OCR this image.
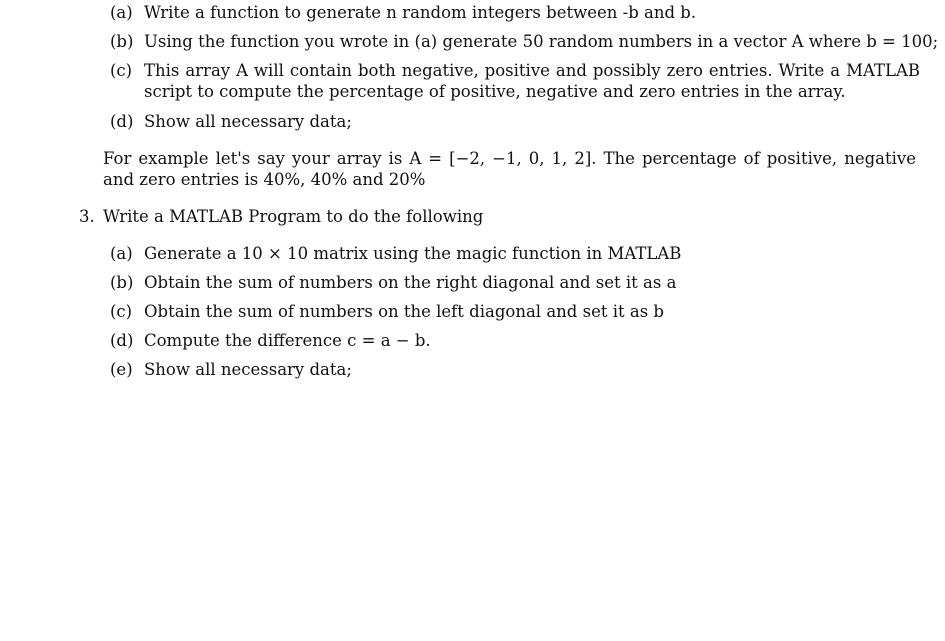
(a) Write a function to generate n random integers between -b and b.
(b) Using the function you wrote in (a) generate 50 random numbers in a vector A where b = 100;
(c) This array A will contain both negative, positive and possibly zero entries. Write a MATLAB script to compute the percentage of positive, negative and zero entries in the array.
(d) Show all necessary data;
For example let's say your array is A = [−2, −1, 0, 1, 2]. The percentage of positive, negative and zero entries is 40%, 40% and 20%
3. Write a MATLAB Program to do the following
(a) Generate a 10 × 10 matrix using the magic function in MATLAB
(b) Obtain the sum of numbers on the right diagonal and set it as a
(c) Obtain the sum of numbers on the left diagonal and set it as b
(d) Compute the difference c = a − b.
(e) Show all necessary data;
